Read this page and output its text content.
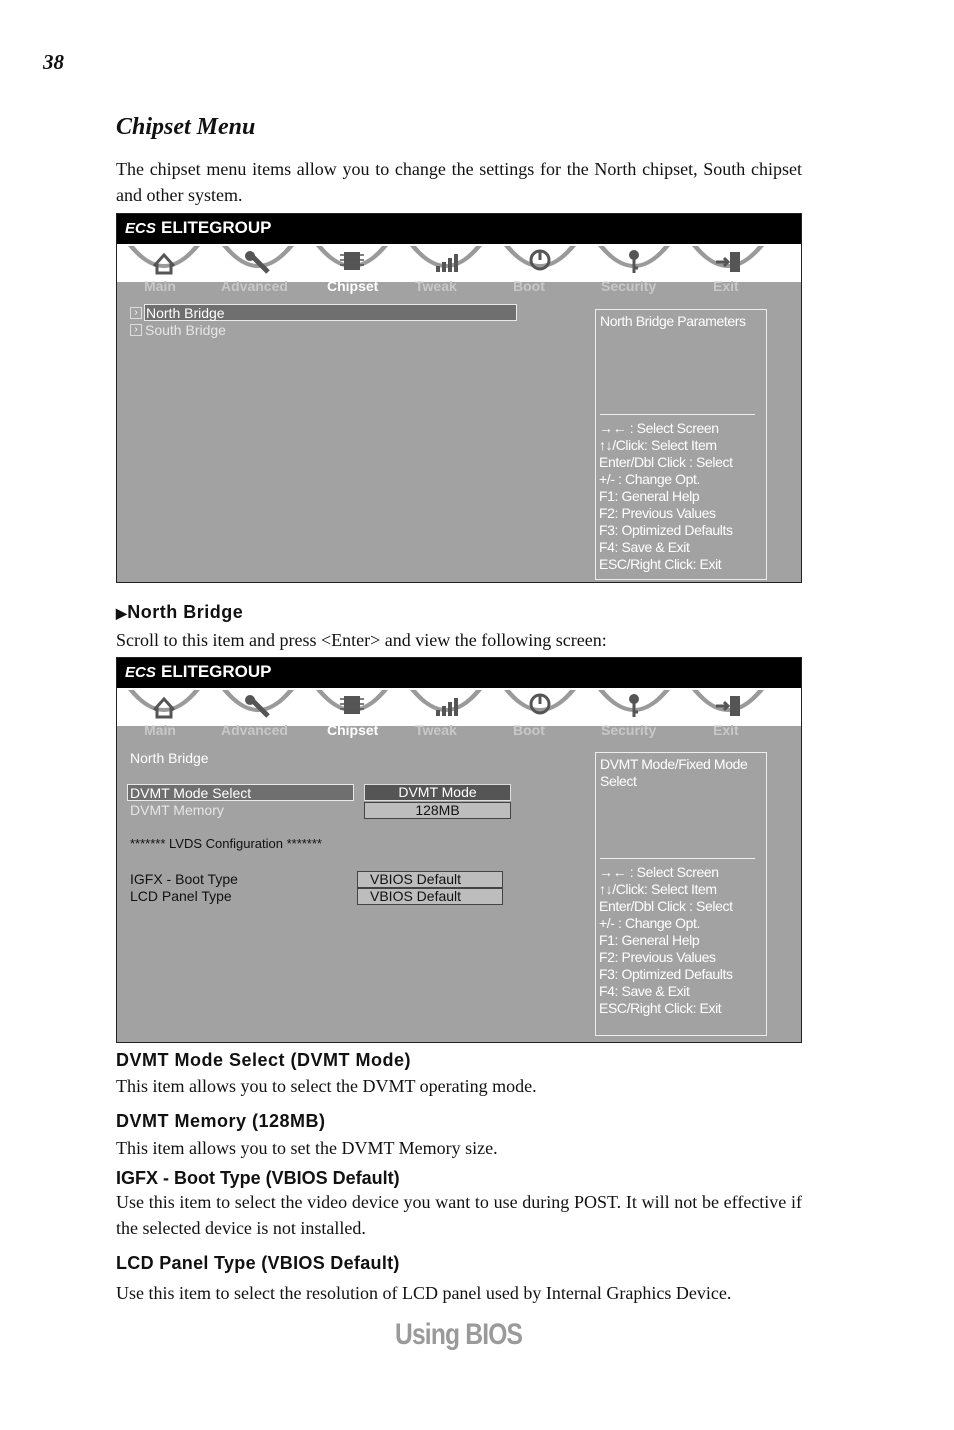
38
Chipset Menu
The chipset menu items allow you to change the settings for the North chipset, South chipset and other system.
ECS ELITEGROUP
Main	Advanced	Chipset	Tweak	Boot	Security	Exit
› North Bridge
› South Bridge
North Bridge Parameters
→← : Select Screen
↑↓/Click: Select Item
Enter/Dbl Click : Select
+/- : Change Opt.
F1: General Help
F2: Previous Values
F3: Optimized Defaults
F4: Save & Exit
ESC/Right Click: Exit
▶North Bridge
Scroll to this item and press <Enter> and view the following screen:
ECS ELITEGROUP
Main	Advanced	Chipset	Tweak	Boot	Security	Exit
North Bridge
DVMT Mode Select	DVMT Mode
DVMT Memory	128MB
******* LVDS Configuration *******
IGFX - Boot Type	VBIOS Default
LCD Panel Type	VBIOS Default
DVMT Mode/Fixed Mode Select
→← : Select Screen
↑↓/Click: Select Item
Enter/Dbl Click : Select
+/- : Change Opt.
F1: General Help
F2: Previous Values
F3: Optimized Defaults
F4: Save & Exit
ESC/Right Click: Exit
DVMT Mode Select (DVMT Mode)
This item allows you to select the DVMT operating mode.
DVMT Memory (128MB)
This item allows you to set the DVMT Memory size.
IGFX - Boot Type (VBIOS Default)
Use this item to select the video device you want to use during POST. It will not be effective if the selected device is not installed.
LCD Panel Type (VBIOS Default)
Use this item to select the resolution of LCD panel used by Internal Graphics Device.
Using BIOS
